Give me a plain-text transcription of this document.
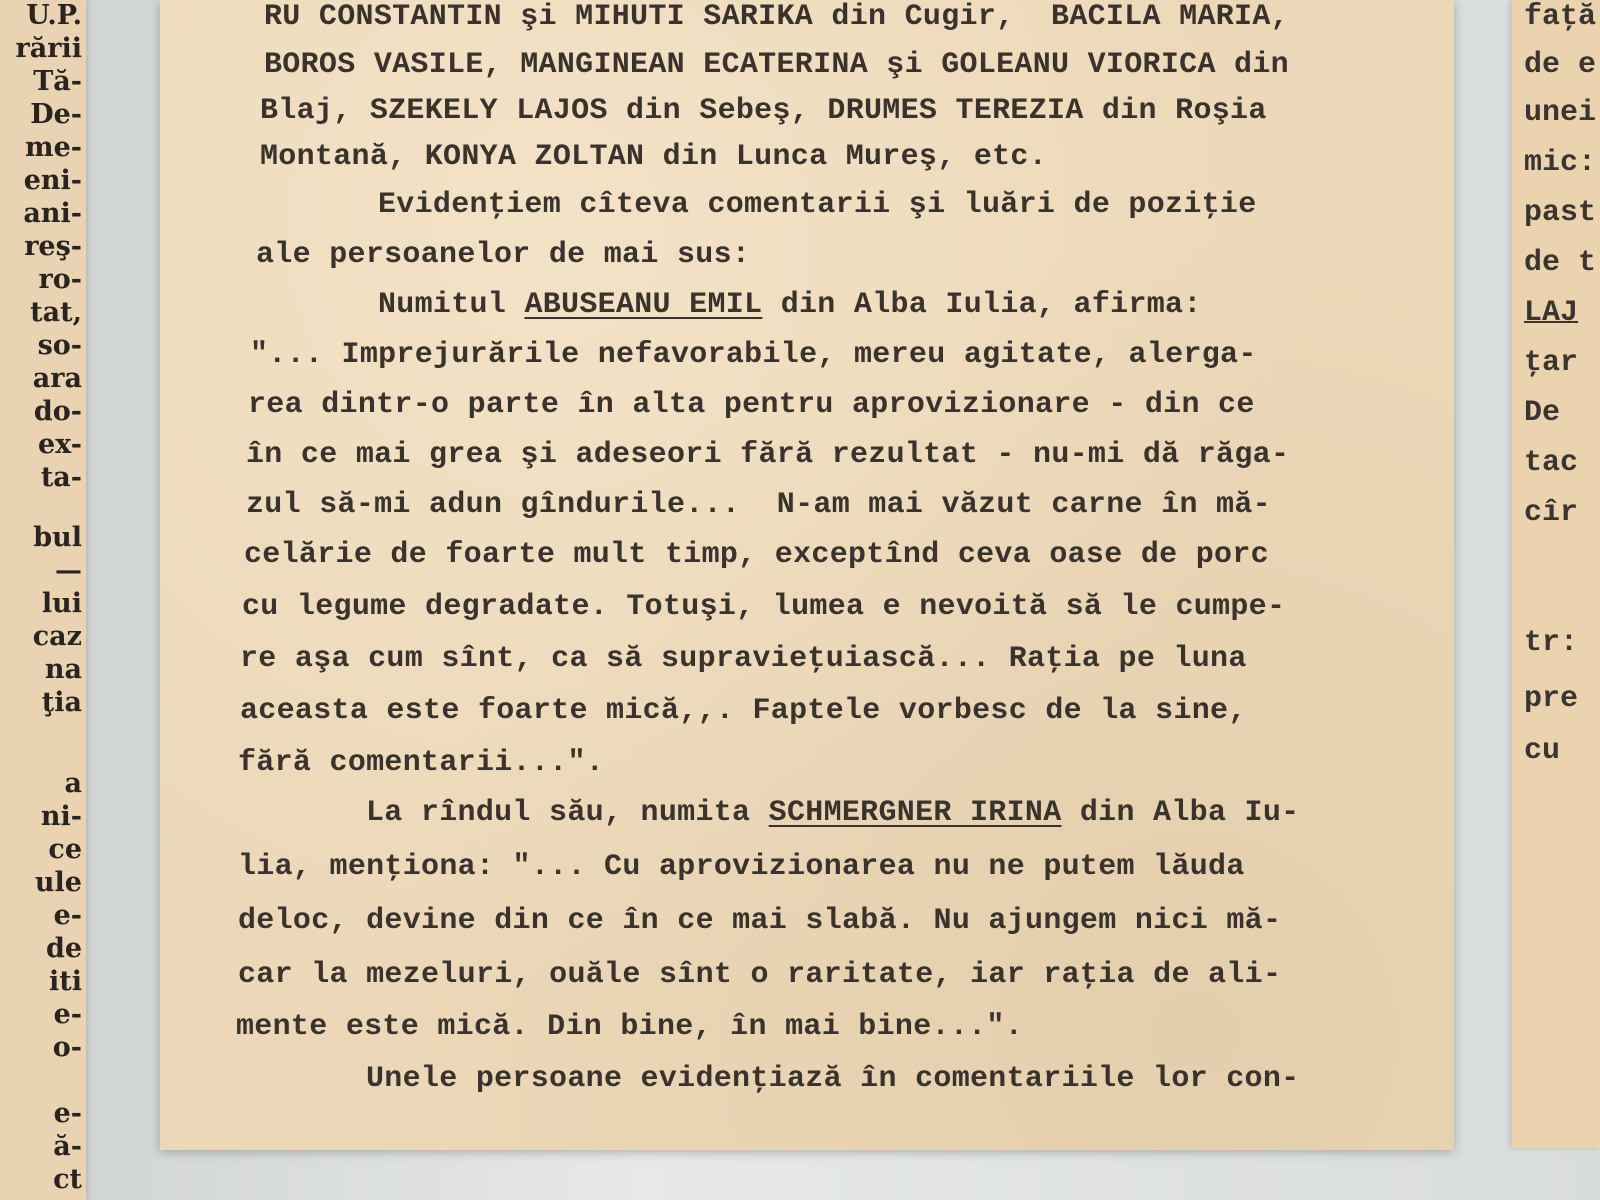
U.P.
rării
Tă-
De-
me-
eni-
ani-
reş-
ro-
tat,
so-
ara
do-
ex-
ta-
bul
—
lui
caz
na
ţia
a
ni-
ce
ule
e-
de
iti
e-
o-
e-
ă-
ct
RU CONSTANTIN şi MIHUTI SARIKA din Cugir,  BACILA MARIA,
BOROS VASILE, MANGINEAN ECATERINA şi GOLEANU VIORICA din
Blaj, SZEKELY LAJOS din Sebeş, DRUMES TEREZIA din Roşia
Montană, KONYA ZOLTAN din Lunca Mureş, etc.
Evidenţiem cîteva comentarii şi luări de poziţie
ale persoanelor de mai sus:
Numitul ABUSEANU EMIL din Alba Iulia, afirma:
"... Imprejurările nefavorabile, mereu agitate, alerga-
rea dintr-o parte în alta pentru aprovizionare - din ce
în ce mai grea şi adeseori fără rezultat - nu-mi dă răga-
zul să-mi adun gîndurile...  N-am mai văzut carne în mă-
celărie de foarte mult timp, exceptînd ceva oase de porc
cu legume degradate. Totuşi, lumea e nevoită să le cumpe-
re aşa cum sînt, ca să supravieţuiască... Raţia pe luna
aceasta este foarte mică,,. Faptele vorbesc de la sine,
fără comentarii...".
La rîndul său, numita SCHMERGNER IRINA din Alba Iu-
lia, menţiona: "... Cu aprovizionarea nu ne putem lăuda
deloc, devine din ce în ce mai slabă. Nu ajungem nici mă-
car la mezeluri, ouăle sînt o raritate, iar raţia de ali-
mente este mică. Din bine, în mai bine...".
Unele persoane evidenţiază în comentariile lor con-
faţă
de e
unei
mic:
past
de t
LAJ
ţar
De
tac
cîr
tr:
pre
cu
